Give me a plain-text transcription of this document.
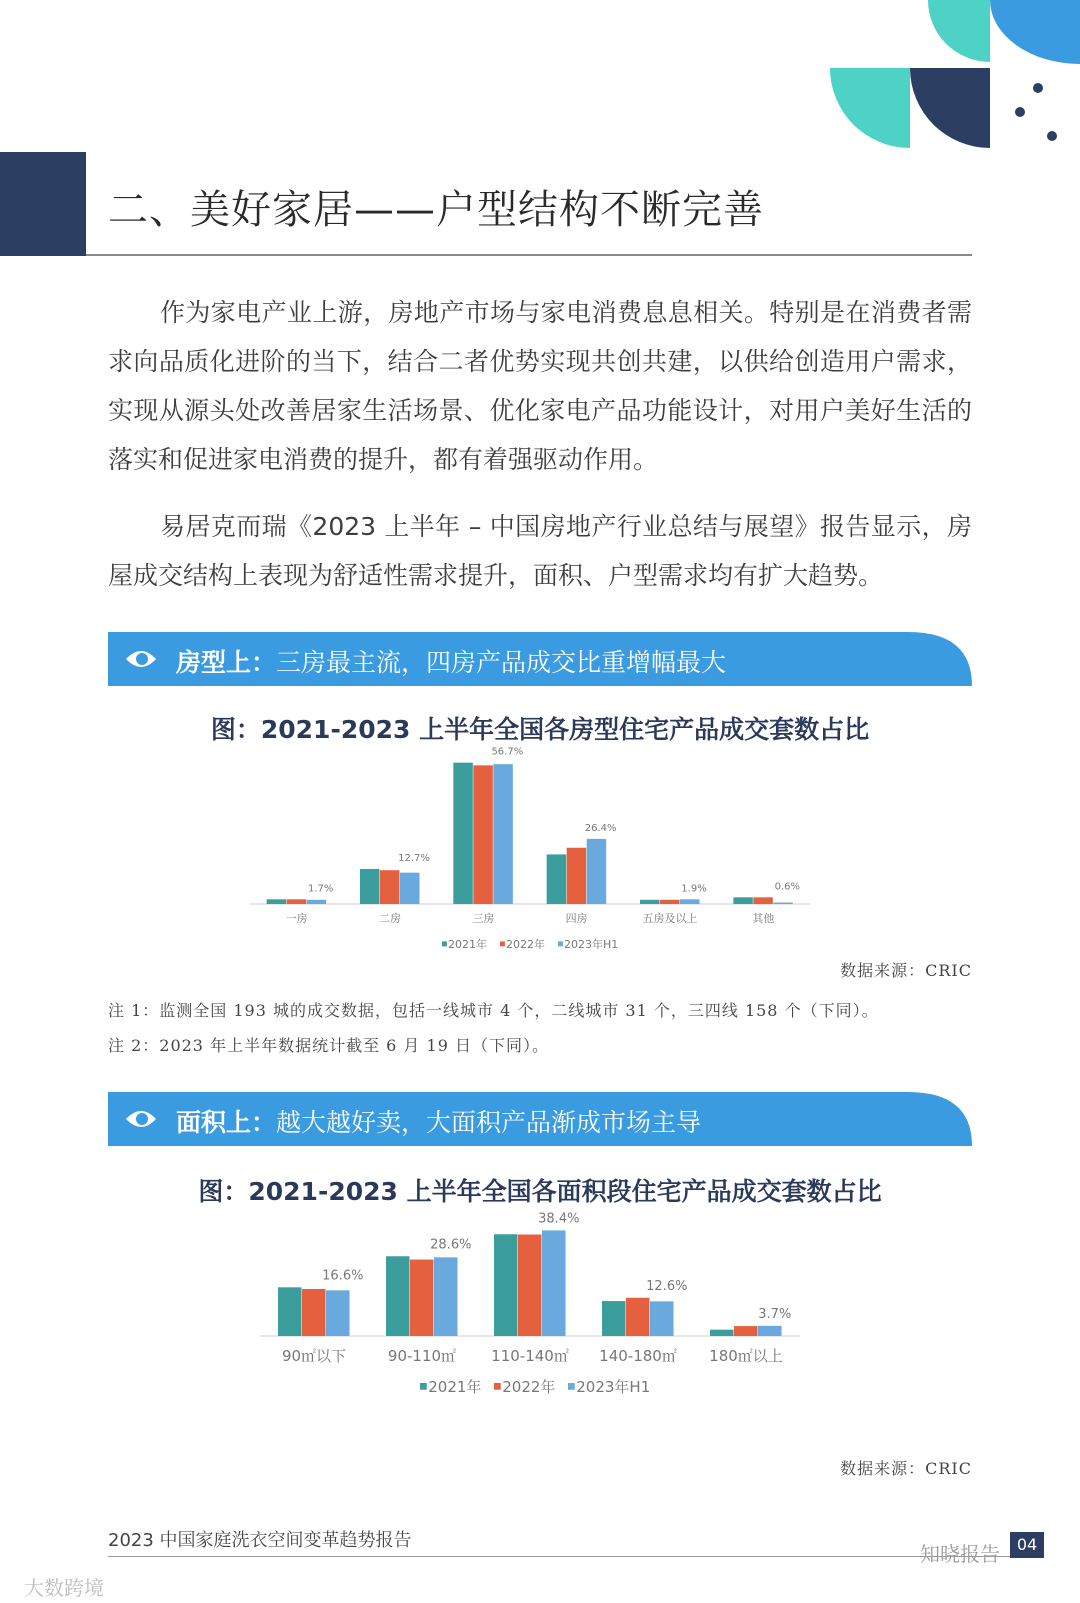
二、美好家居——户型结构不断完善

作为家电产业上游，房地产市场与家电消费息息相关。特别是在消费者需求向品质化进阶的当下，结合二者优势实现共创共建，以供给创造用户需求，实现从源头处改善居家生活场景、优化家电产品功能设计，对用户美好生活的落实和促进家电消费的提升，都有着强驱动作用。

易居克而瑞《2023 上半年 – 中国房地产行业总结与展望》报告显示，房屋成交结构上表现为舒适性需求提升，面积、户型需求均有扩大趋势。

房型上：三房最主流，四房产品成交比重增幅最大
图：2021-2023 上半年全国各房型住宅产品成交套数占比
1.7%
一房
12.7%
二房
56.7%
三房
26.4%
四房
1.9%
五房及以上
0.6%
其他
2021年 2022年 2023年H1
数据来源：CRIC
注 1：监测全国 193 城的成交数据，包括一线城市 4 个，二线城市 31 个，三四线 158 个（下同）。
注 2：2023 年上半年数据统计截至 6 月 19 日（下同）。
面积上：越大越好卖，大面积产品渐成市场主导
图：2021-2023 上半年全国各面积段住宅产品成交套数占比
16.6%
90㎡以下
28.6%
90-110㎡
38.4%
110-140㎡
12.6%
140-180㎡
3.7%
180㎡以上
2021年 2022年 2023年H1
数据来源：CRIC
2023 中国家庭洗衣空间变革趋势报告	04
大数跨境
知晓报告
